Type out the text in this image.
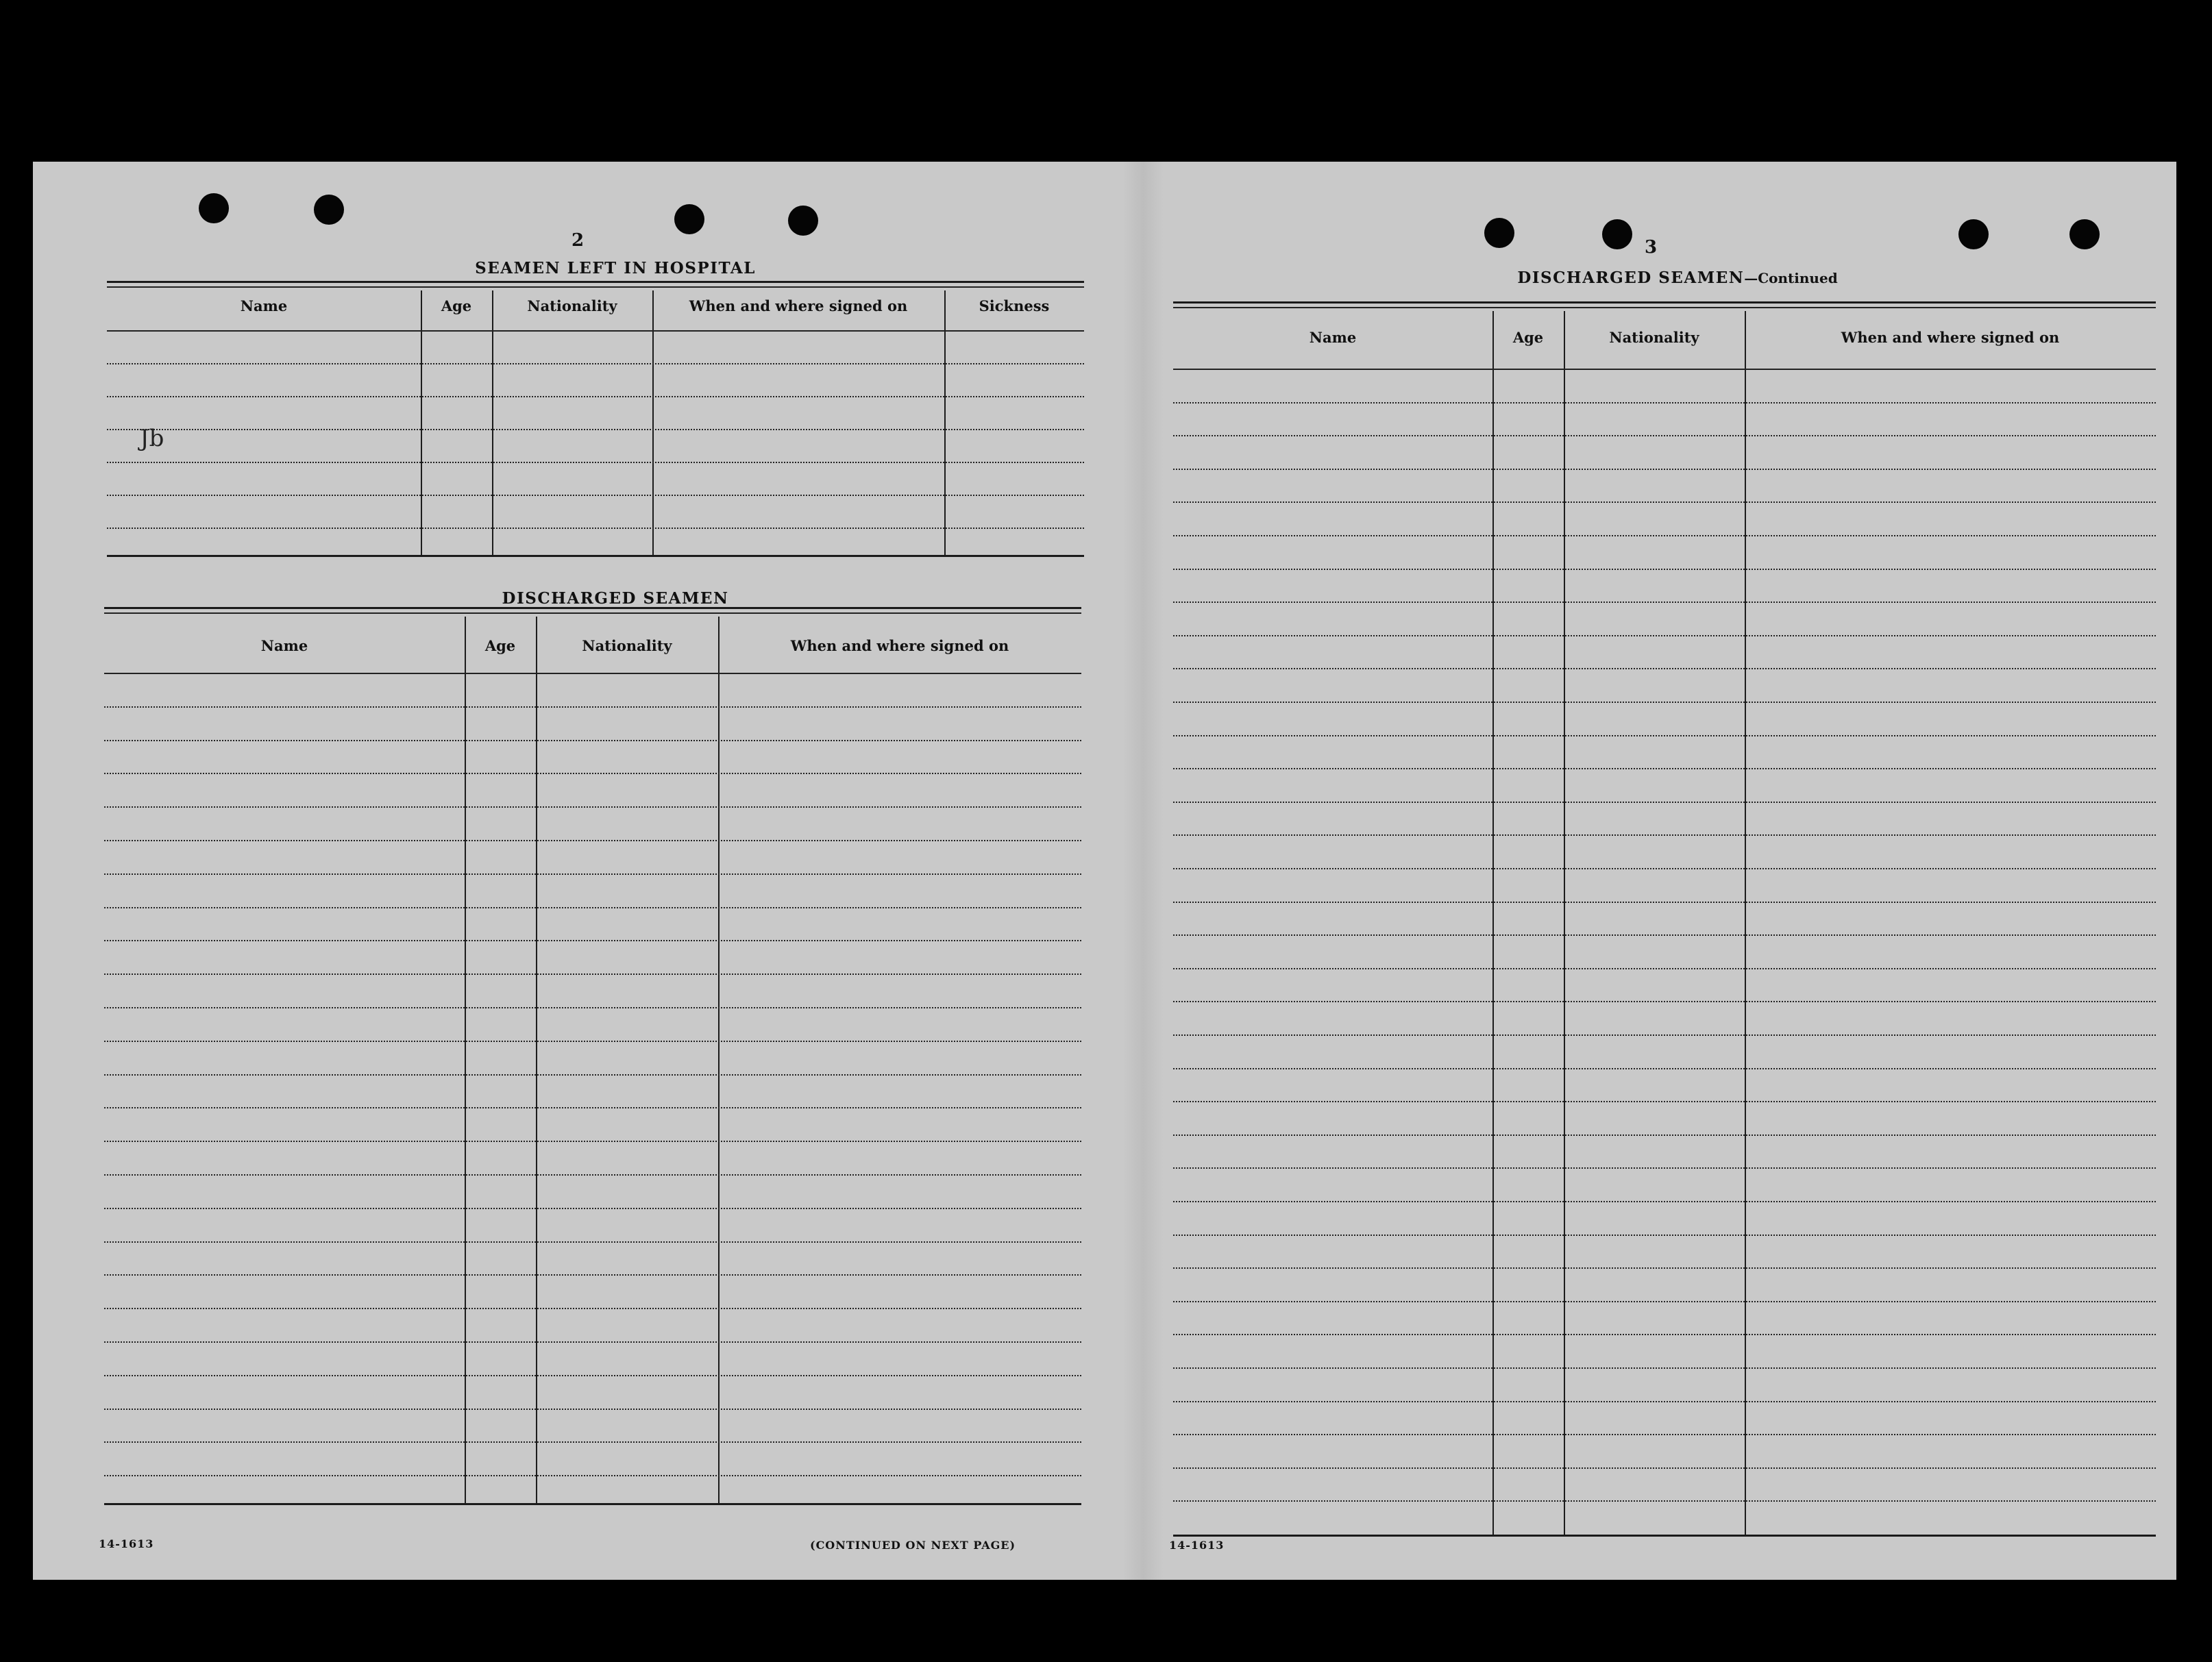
2
SEAMEN LEFT IN HOSPITAL
Name	Age	Nationality	When and where signed on	Sickness
DISCHARGED SEAMEN
Name	Age	Nationality	When and where signed on
14-1613	(CONTINUED ON NEXT PAGE)
Jb
3
DISCHARGED SEAMEN—Continued
Name	Age	Nationality	When and where signed on
14-1613
